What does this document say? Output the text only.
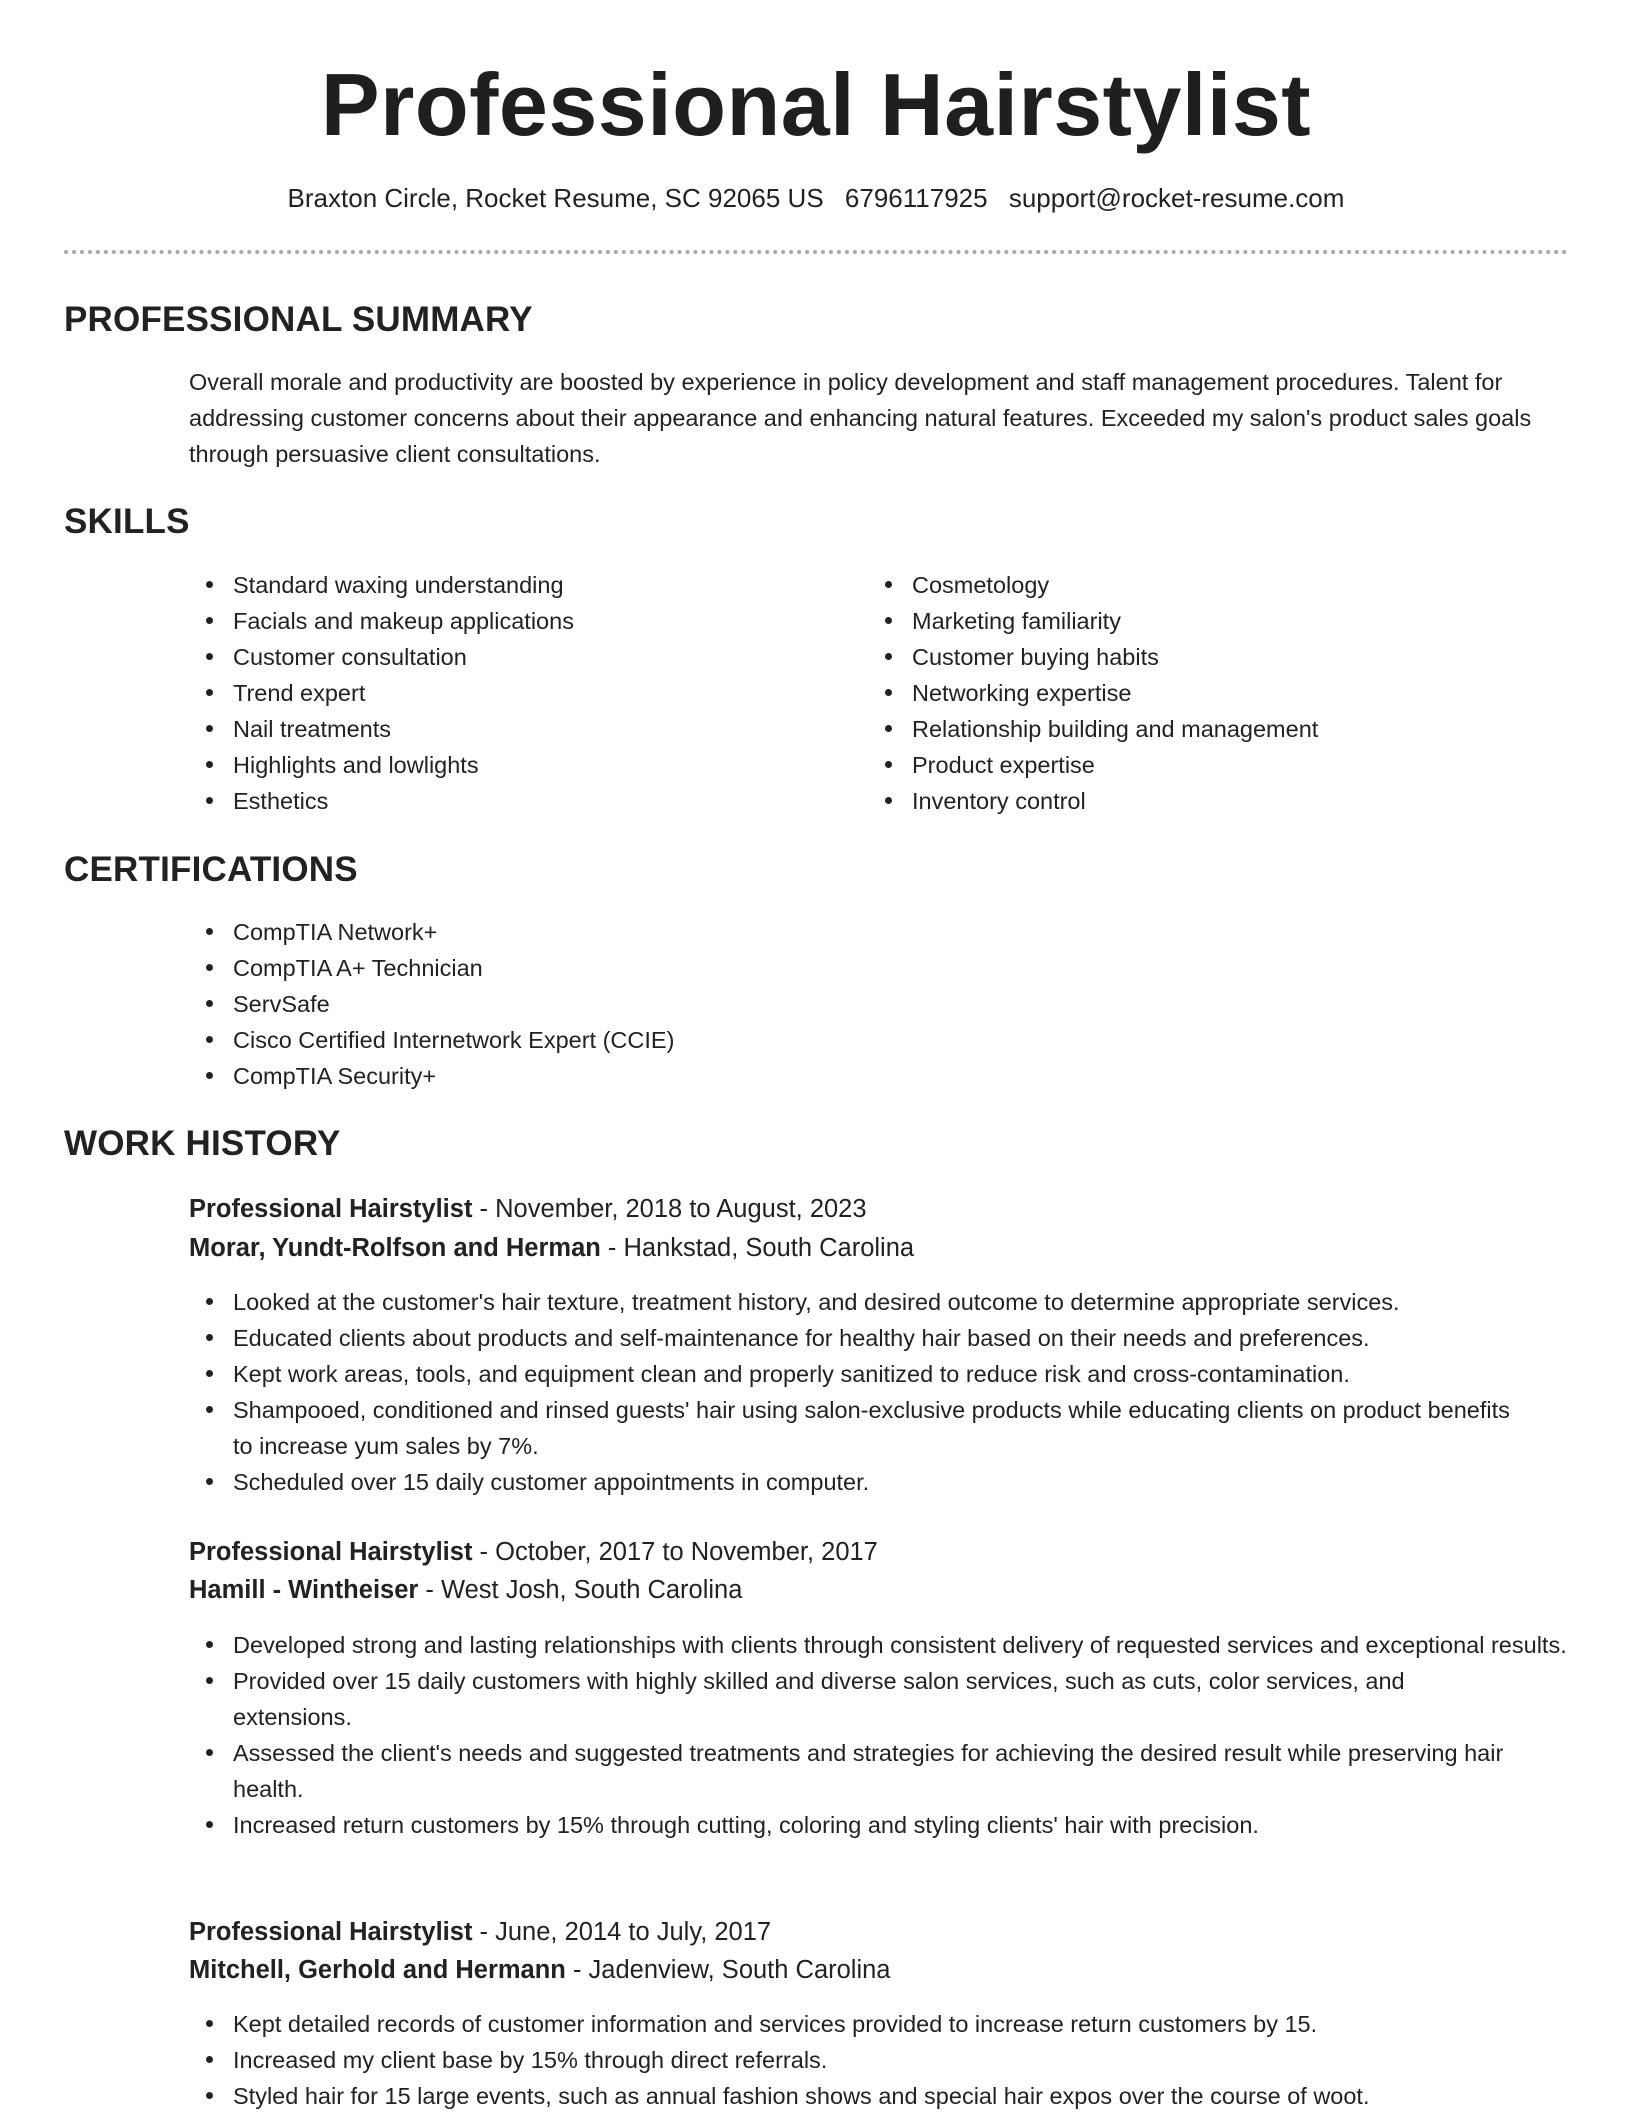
Professional Hairstylist
Braxton Circle, Rocket Resume, SC 92065 US 6796117925 support@rocket-resume.com
PROFESSIONAL SUMMARY
Overall morale and productivity are boosted by experience in policy development and staff management procedures. Talent for addressing customer concerns about their appearance and enhancing natural features. Exceeded my salon's product sales goals through persuasive client consultations.
SKILLS
Standard waxing understanding
Facials and makeup applications
Customer consultation
Trend expert
Nail treatments
Highlights and lowlights
Esthetics
Cosmetology
Marketing familiarity
Customer buying habits
Networking expertise
Relationship building and management
Product expertise
Inventory control
CERTIFICATIONS
CompTIA Network+
CompTIA A+ Technician
ServSafe
Cisco Certified Internetwork Expert (CCIE)
CompTIA Security+
WORK HISTORY
Professional Hairstylist - November, 2018 to August, 2023
Morar, Yundt-Rolfson and Herman - Hankstad, South Carolina
Looked at the customer's hair texture, treatment history, and desired outcome to determine appropriate services.
Educated clients about products and self-maintenance for healthy hair based on their needs and preferences.
Kept work areas, tools, and equipment clean and properly sanitized to reduce risk and cross-contamination.
Shampooed, conditioned and rinsed guests' hair using salon-exclusive products while educating clients on product benefits to increase yum sales by 7%.
Scheduled over 15 daily customer appointments in computer.
Professional Hairstylist - October, 2017 to November, 2017
Hamill - Wintheiser - West Josh, South Carolina
Developed strong and lasting relationships with clients through consistent delivery of requested services and exceptional results.
Provided over 15 daily customers with highly skilled and diverse salon services, such as cuts, color services, and extensions.
Assessed the client's needs and suggested treatments and strategies for achieving the desired result while preserving hair health.
Increased return customers by 15% through cutting, coloring and styling clients' hair with precision.
Professional Hairstylist - June, 2014 to July, 2017
Mitchell, Gerhold and Hermann - Jadenview, South Carolina
Kept detailed records of customer information and services provided to increase return customers by 15.
Increased my client base by 15% through direct referrals.
Styled hair for 15 large events, such as annual fashion shows and special hair expos over the course of woot.
